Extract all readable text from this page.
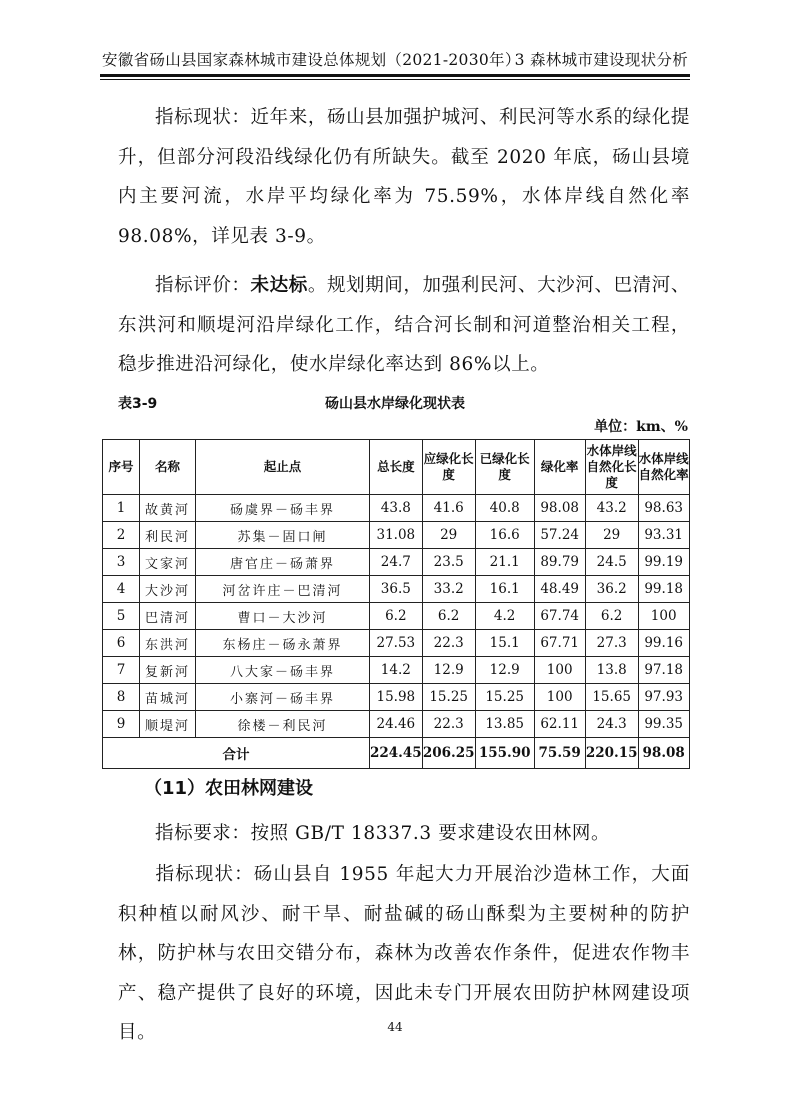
安徽省砀山县国家森林城市建设总体规划（2021-2030年）
3 森林城市建设现状分析
指标现状：近年来，砀山县加强护城河、利民河等水系的绿化提升，但部分河段沿线绿化仍有所缺失。截至 2020 年底，砀山县境内主要河流，水岸平均绿化率为 75.59%，水体岸线自然化率 98.08%，详见表 3-9。
指标评价：未达标。规划期间，加强利民河、大沙河、巴清河、东洪河和顺堤河沿岸绿化工作，结合河长制和河道整治相关工程，稳步推进沿河绿化，使水岸绿化率达到 86%以上。
表3-9	砀山县水岸绿化现状表
单位：km、%
序号	名称	起止点	总长度	应绿化长度	已绿化长度	绿化率	水体岸线自然化长度	水体岸线自然化率
1	故黄河	砀虞界－砀丰界	43.8	41.6	40.8	98.08	43.2	98.63
2	利民河	苏集－固口闸	31.08	29	16.6	57.24	29	93.31
3	文家河	唐官庄－砀萧界	24.7	23.5	21.1	89.79	24.5	99.19
4	大沙河	河岔许庄－巴清河	36.5	33.2	16.1	48.49	36.2	99.18
5	巴清河	曹口－大沙河	6.2	6.2	4.2	67.74	6.2	100
6	东洪河	东杨庄－砀永萧界	27.53	22.3	15.1	67.71	27.3	99.16
7	复新河	八大家－砀丰界	14.2	12.9	12.9	100	13.8	97.18
8	苗城河	小寨河－砀丰界	15.98	15.25	15.25	100	15.65	97.93
9	顺堤河	徐楼－利民河	24.46	22.3	13.85	62.11	24.3	99.35
合计			224.45	206.25	155.90	75.59	220.15	98.08
（11）农田林网建设
指标要求：按照 GB/T 18337.3 要求建设农田林网。
指标现状：砀山县自 1955 年起大力开展治沙造林工作，大面积种植以耐风沙、耐干旱、耐盐碱的砀山酥梨为主要树种的防护林，防护林与农田交错分布，森林为改善农作条件，促进农作物丰产、稳产提供了良好的环境，因此未专门开展农田防护林网建设项目。	44
